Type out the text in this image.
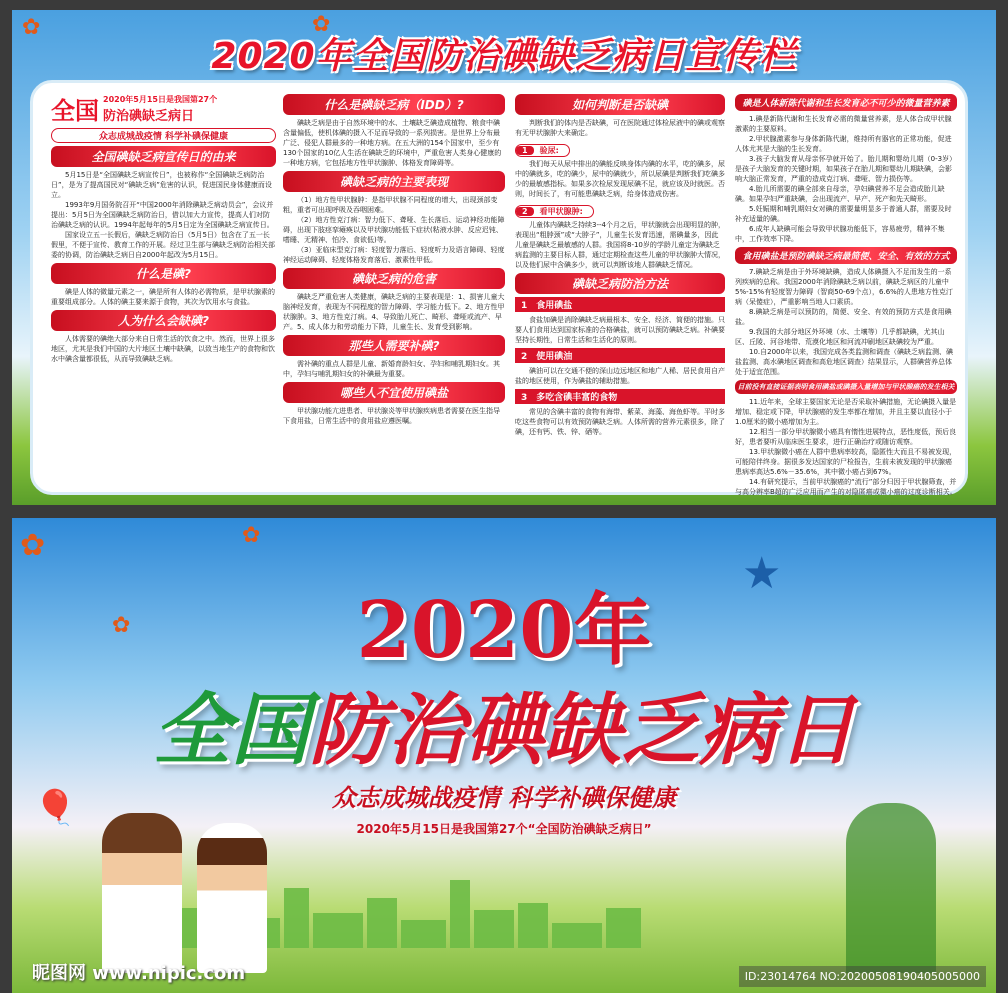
✿	✿
2020年全国防治碘缺乏病日宣传栏
全国 2020年5月15日是我国第27个
防治碘缺乏病日
众志成城战疫情 科学补碘保健康
全国碘缺乏病宣传日的由来

5月15日是“全国碘缺乏病宣传日”，也被称作“全国碘缺乏病防治日”，是为了提高国民对“碘缺乏病”危害的认识，促进国民身体健康而设立。

1993年9月国务院召开“中国2000年消除碘缺乏病动员会”，会议并提出：5月5日为全国碘缺乏病防治日，借以加大力宣传，提高人们对防治碘缺乏病的认识。1994年起每年的5月5日定为全国碘缺乏病宣传日。

国家设立五一长假后，碘缺乏病防治日（5月5日）包含在了五一长假里，不便于宣传、教育工作的开展。经过卫生部与碘缺乏病防治相关部委的协调，防治碘缺乏病日自2000年起改为5月15日。

什么是碘?

碘是人体的微量元素之一，碘是所有人体的必需物质，是甲状腺素的重要组成部分。人体的碘主要来源于食物，其次为饮用水与食盐。

人为什么会缺碘?

人体需要的碘绝大部分来自日常生活的饮食之中。然而，世界上很多地区，尤其是我们中国的大片地区土壤中缺碘，以致当地生产的食物和饮水中碘含量都很低，从而导致碘缺乏病。

什么是碘缺乏病（IDD）?

碘缺乏病是由于自然环境中的水、土壤缺乏碘造成植物、粮食中碘含量偏低，使机体碘的摄入不足而导致的一系列损害。是世界上分布最广泛、侵犯人群最多的一种地方病。在五大洲的154个国家中，至少有130个国家的10亿人生活在碘缺乏的环境中，严重危害人类身心健康的一种地方病，它包括地方性甲状腺肿、体格发育障碍等。

碘缺乏病的主要表现

（1）地方性甲状腺肿：是指甲状腺不同程度的增大，出现颈部变粗，重者可出现呼吸及吞咽困难。

（2）地方性克汀病：智力低下、聋哑、生长落后、运动神经功能障碍，出现下肢痉挛瘫痪以及甲状腺功能低下症状(粘液水肿、反应迟钝、嗜睡、无精神、怕冷、食欲低)等。

（3）亚临床型克汀病：轻度智力落后、轻度听力及语言障碍、轻度神经运动障碍、轻度体格发育落后、激素性甲低。

碘缺乏病的危害

碘缺乏严重危害人类健康，碘缺乏病的主要表现是：1、损害儿童大脑神经发育，表现为不同程度的智力障碍、学习能力低下。2、地方性甲状腺肿。3、地方性克汀病。4、导致胎儿死亡、畸形、聋哑或流产、早产。5、成人体力和劳动能力下降，儿童生长、发育受到影响。

那些人需要补碘?

需补碘的重点人群是儿童、新婚育龄妇女、孕妇和哺乳期妇女。其中，孕妇与哺乳期妇女的补碘最为重要。

哪些人不宜使用碘盐

甲状腺功能亢进患者、甲状腺炎等甲状腺疾病患者需要在医生指导下食用盐，日常生活中的食用盐应遵医嘱。

如何判断是否缺碘

判断我们的体内是否缺碘，可在医院通过体检尿液中的碘或观察有无甲状腺肿大来确定。

1 验尿:

我们每天从尿中排出的碘能反映身体内碘的水平，吃的碘多，尿中的碘就多，吃的碘少，尿中的碘就少，所以尿碘是判断我们吃碘多少的最敏感指标。如果多次检尿发现尿碘不足，就应该及时就医。否则，时间长了，有可能患碘缺乏病，给身体造成伤害。

2 看甲状腺肿:

儿童体内碘缺乏持续3--4个月之后，甲状腺就会出现明显的肿，表现出“粗脖颈”或“大脖子”，儿童生长发育迅速，需碘量多，因此儿童是碘缺乏最敏感的人群。我国将8-10岁的学龄儿童定为碘缺乏病监测的主要目标人群，通过定期检查这些儿童的甲状腺肿大情况，以及他们尿中含碘多少，就可以判断该地人群碘缺乏情况。

碘缺乏病防治方法
1　 食用碘盐

食盐加碘是消除碘缺乏病最根本、安全、经济、简便的措施。只要人们食用达到国家标准的合格碘盐，就可以预防碘缺乏病。补碘要坚持长期性，日常生活和生活化的原则。

2　 使用碘油

碘油可以在交通不便的深山边远地区和地广人稀、居民食用自产盐的地区使用，作为碘盐的辅助措施。

3　 多吃含碘丰富的食物

常见的含碘丰富的食物有海带、紫菜、海藻、海鱼虾等。平时多吃这些食物可以有效预防碘缺乏病。人体所需的营养元素很多，除了碘，还有钙、铁、锌、硒等。

碘是人体新陈代谢和生长发育必不可少的微量营养素

1.碘是新陈代谢和生长发育必需的微量营养素，是人体合成甲状腺激素的主要原料。

2.甲状腺激素参与身体新陈代谢，维持所有器官的正常功能，促进人体尤其是大脑的生长发育。

3.孩子大脑发育从母亲怀孕就开始了。胎儿期和婴幼儿期（0-3岁）是孩子大脑发育的关键时期，如果孩子在胎儿期和婴幼儿期缺碘，会影响大脑正常发育，严重的造成克汀病、聋哑、智力损伤等。

4.胎儿所需要的碘全部来自母亲，孕妇碘营养不足会造成胎儿缺碘。如果孕妇严重缺碘，会出现流产、早产、死产和先天畸形。

5.妊娠期和哺乳期妇女对碘的需要量明显多于普通人群，需要及时补充适量的碘。

6.成年人缺碘可能会导致甲状腺功能低下，容易疲劳，精神不集中，工作效率下降。

食用碘盐是预防碘缺乏病最简便、安全、有效的方式

7.碘缺乏病是由于外环境缺碘，造成人体碘摄入不足而发生的一系列疾病的总称。我国2000年消除碘缺乏病以前，碘缺乏病区的儿童中5%-15%有轻度智力障碍（智商50-69个点），6.6%的人患地方性克汀病（呆傻症），严重影响当地人口素质。

8.碘缺乏病是可以预防的，简便、安全、有效的预防方式是食用碘盐。

9.我国的大部分地区外环境（水、土壤等）几乎都缺碘，尤其山区、丘陵、河谷地带、荒漠化地区和河流冲刷地区缺碘较为严重。

10.自2000年以来，我国完成各类监测和调查（碘缺乏病监测、碘盐监测、高水碘地区调查和高危地区调查）结果显示，人群碘营养总体处于适宜范围。

目前没有直接证据表明食用碘盐或碘摄入量增加与甲状腺癌的发生相关

11.近年来，全球主要国家无论是否采取补碘措施，无论碘摄入量是增加、稳定或下降，甲状腺癌的发生率都在增加，并且主要以直径小于1.0厘米的微小癌增加为主。

12.相当一部分甲状腺微小癌具有惰性进展特点，恶性度低，预后良好，患者要听从临床医生要求，进行正确治疗或随访观察。

13.甲状腺微小癌在人群中患病率较高，隐匿性大而且不易被发现，可能陪伴终身。据很多发达国家的尸检报告，生前未被发现的甲状腺癌患病率高达5.6%－35.6%，其中微小癌占到67%。

14.有研究提示，当前甲状腺癌的“流行”部分归因于甲状腺筛查，并与高分辨率B超的广泛应用而产生的对隐匿癌或微小癌的过度诊断相关。

✿
✿
✿
★
🎈
2020年
全国防治碘缺乏病日
众志成城战疫情 科学补碘保健康
2020年5月15日是我国第27个“全国防治碘缺乏病日”
昵图网 www.nipic.com	ID:23014764 NO:20200508190405005000
